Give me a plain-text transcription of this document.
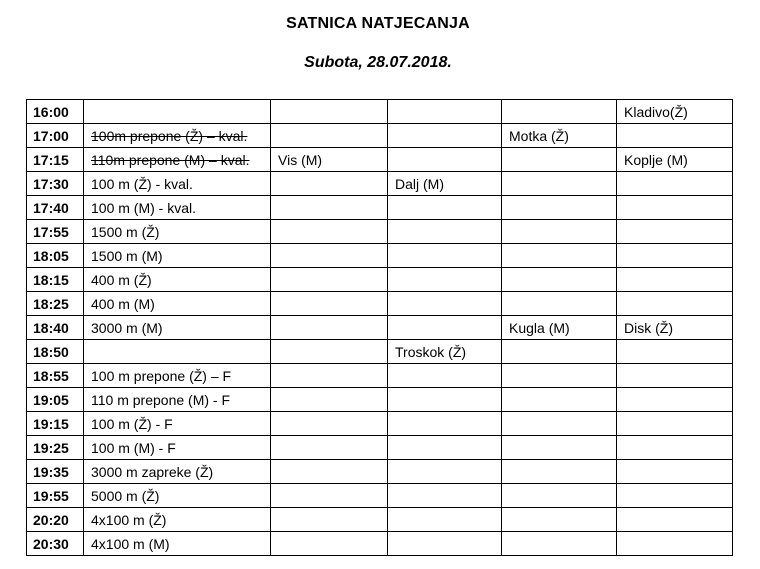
SATNICA NATJECANJA
Subota, 28.07.2018.
16:00					Kladivo(Ž)
17:00	100m prepone (Ž) – kval.			Motka (Ž)	
17:15	110m prepone (M) – kval.	Vis (M)			Koplje (M)
17:30	100 m (Ž) - kval.		Dalj (M)		
17:40	100 m (M) - kval.				
17:55	1500 m (Ž)				
18:05	1500 m (M)				
18:15	400 m (Ž)				
18:25	400 m (M)				
18:40	3000 m (M)			Kugla (M)	Disk (Ž)
18:50			Troskok (Ž)		
18:55	100 m prepone (Ž) – F				
19:05	110 m prepone (M) - F				
19:15	100 m (Ž) - F				
19:25	100 m (M) - F				
19:35	3000 m zapreke (Ž)				
19:55	5000 m (Ž)				
20:20	4x100 m (Ž)				
20:30	4x100 m (M)				
